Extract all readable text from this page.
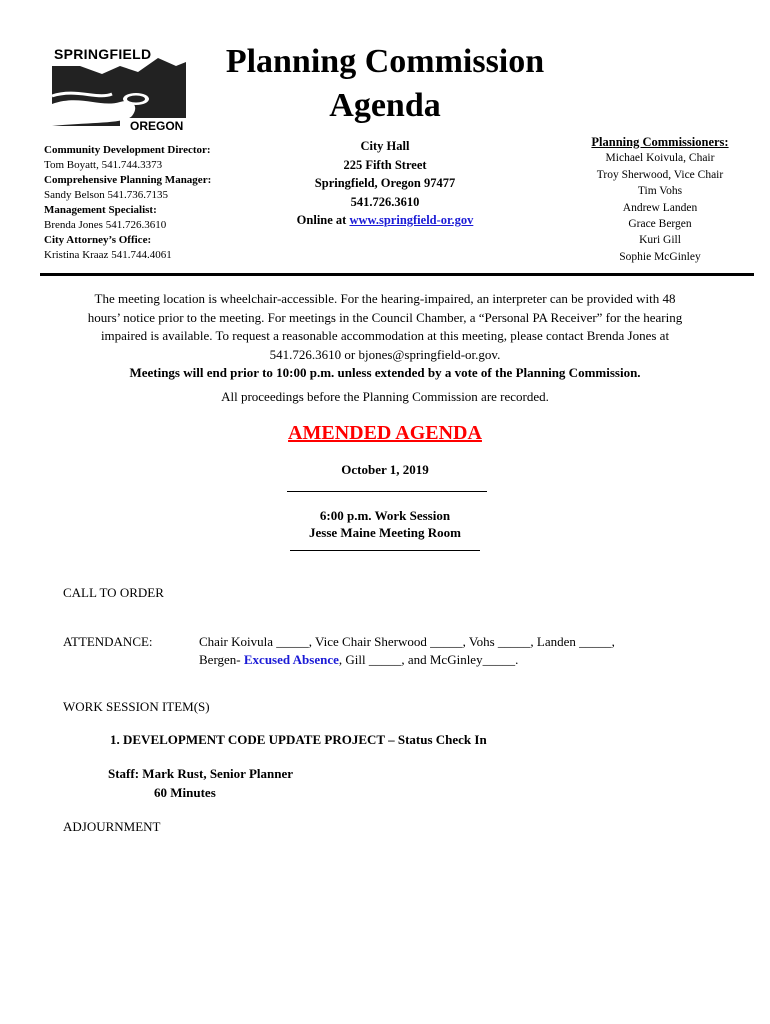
SPRINGFIELD
OREGON
Planning Commission
Agenda
Community Development Director:
Tom Boyatt, 541.744.3373
Comprehensive Planning Manager:
Sandy Belson 541.736.7135
Management Specialist:
Brenda Jones 541.726.3610
City Attorney’s Office:
Kristina Kraaz 541.744.4061
City Hall
225 Fifth Street
Springfield, Oregon 97477
541.726.3610
Online at www.springfield-or.gov
Planning Commissioners:
Michael Koivula, Chair
Troy Sherwood, Vice Chair
Tim Vohs
Andrew Landen
Grace Bergen
Kuri Gill
Sophie McGinley
The meeting location is wheelchair-accessible. For the hearing-impaired, an interpreter can be provided with 48
hours’ notice prior to the meeting. For meetings in the Council Chamber, a “Personal PA Receiver” for the hearing
impaired is available. To request a reasonable accommodation at this meeting, please contact Brenda Jones at
541.726.3610 or bjones@springfield-or.gov.
Meetings will end prior to 10:00 p.m. unless extended by a vote of the Planning Commission.
All proceedings before the Planning Commission are recorded.
AMENDED AGENDA
October 1, 2019
6:00 p.m. Work Session
Jesse Maine Meeting Room
CALL TO ORDER
ATTENDANCE:	Chair Koivula _____, Vice Chair Sherwood _____, Vohs _____, Landen _____,
Bergen- Excused Absence, Gill _____, and McGinley_____.
WORK SESSION ITEM(S)
1. DEVELOPMENT CODE UPDATE PROJECT – Status Check In
Staff: Mark Rust, Senior Planner
60 Minutes
ADJOURNMENT
